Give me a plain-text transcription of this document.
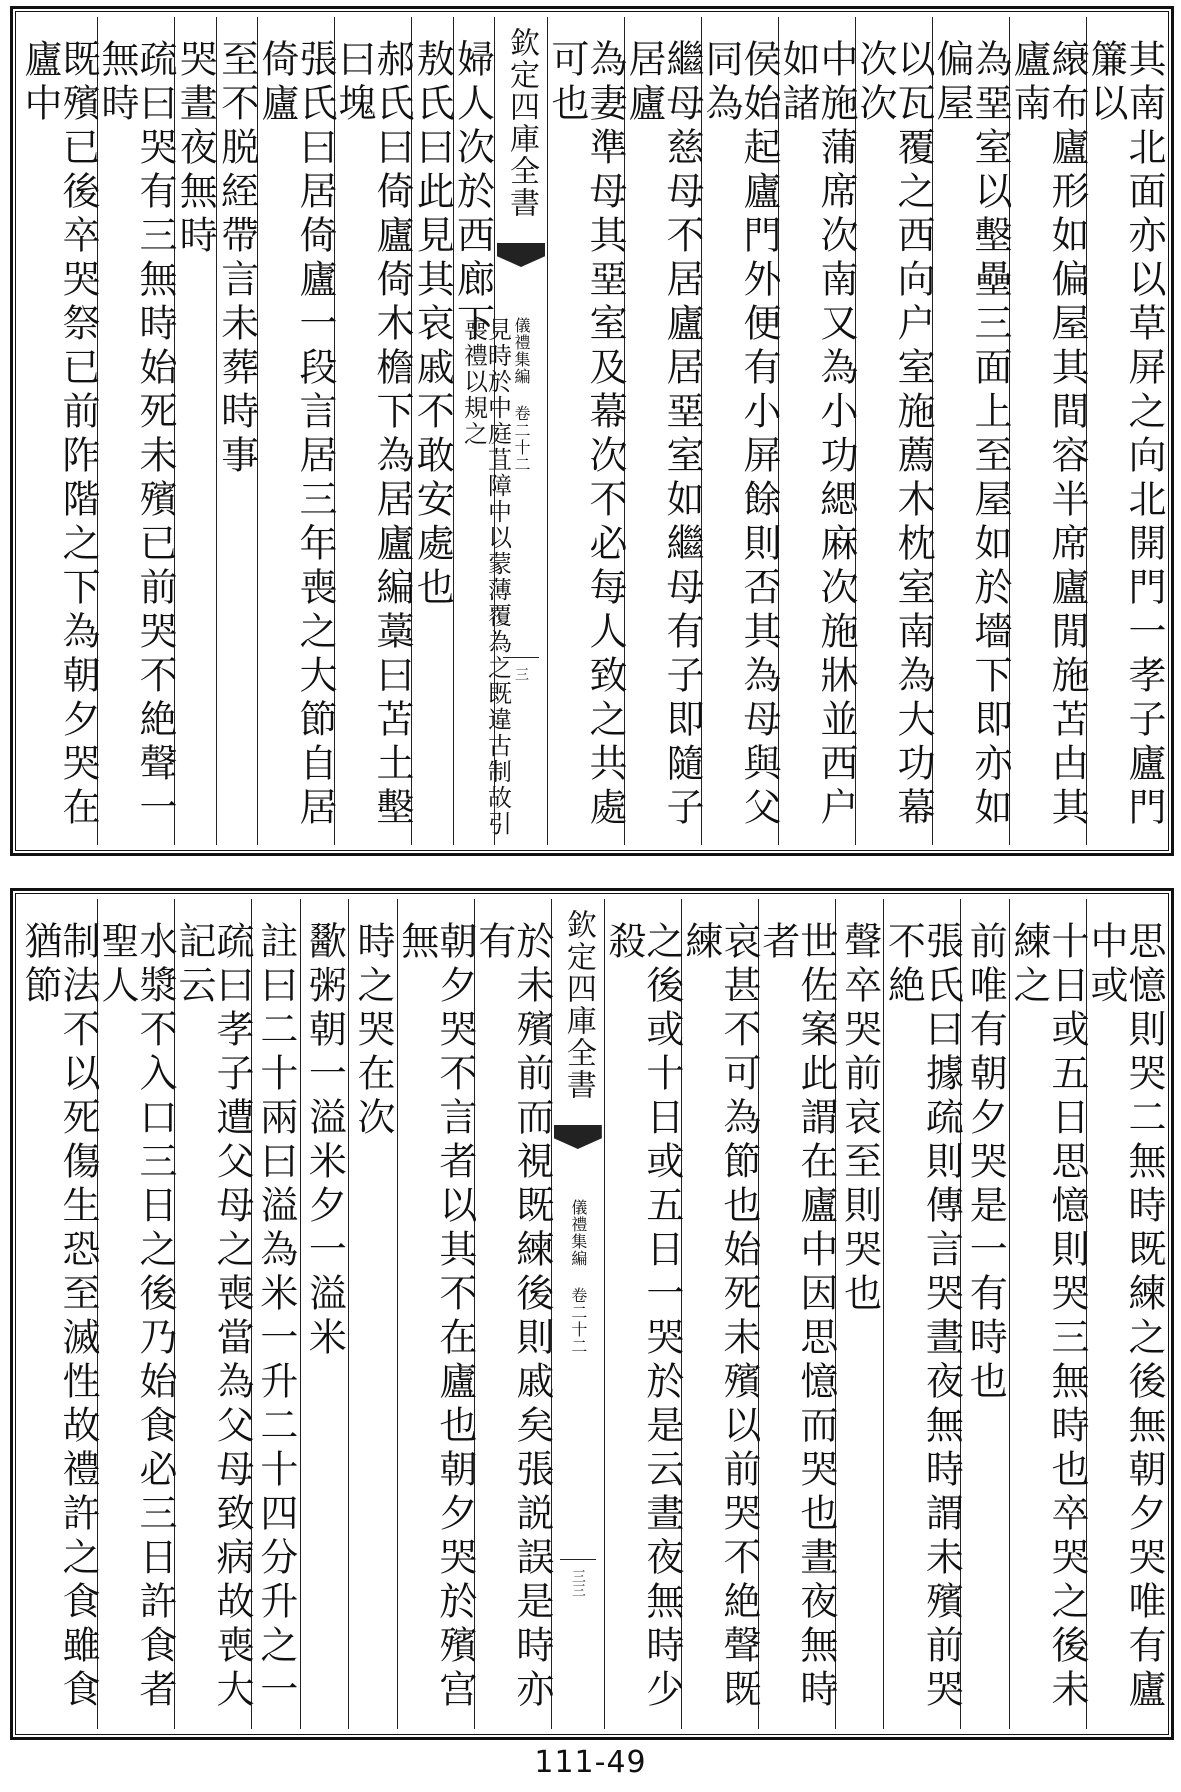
其南北面亦以草屏之向北開門一孝子廬門簾以
縗布廬形如偏屋其間容半席廬閒施苫甴其廬南
為堊室以墼壘三面上至屋如於墻下即亦如偏屋
以瓦覆之西向户室施薦木枕室南為大功幕次次
中施蒲席次南又為小功緦麻次施牀並西户如諸
侯始起廬門外便有小屏餘則否其為母與父同為
繼母慈母不居廬居堊室如繼母有子即隨子居廬
為妻準母其堊室及幕次不必每人致之共處可也
欽定四庫全書
儀禮集編 卷二十二
三
婦人次於西廊下
見時於中庭苴障中以蒙薄覆為之既違古制故引喪禮以規之
敖氏曰此見其哀戚不敢安處也
郝氏曰倚廬倚木檐下為居廬編藁曰苫土墼曰塊
張氏曰居倚廬一段言居三年喪之大節自居倚廬
至不脱絰帶言未葬時事
哭晝夜無時
疏曰哭有三無時始死未殯已前哭不絶聲一無時
既殯已後卒哭祭已前阼階之下為朝夕哭在廬中
思憶則哭二無時既練之後無朝夕哭唯有廬中或
十日或五日思憶則哭三無時也卒哭之後未練之
前唯有朝夕哭是一有時也
張氏曰據疏則傳言哭晝夜無時謂未殯前哭不絶
聲卒哭前哀至則哭也
世佐案此謂在廬中因思憶而哭也晝夜無時者
哀甚不可為節也始死未殯以前哭不絶聲既練
之後或十日或五日一哭於是云晝夜無時少殺
欽定四庫全書
儀禮集編 卷二十二
三三
於未殯前而視既練後則戚矣張説誤是時亦有
朝夕哭不言者以其不在廬也朝夕哭於殯宫無
時之哭在次
歠粥朝一溢米夕一溢米
註曰二十兩曰溢為米一升二十四分升之一
疏曰孝子遭父母之喪當為父母致病故喪大記云
水漿不入口三日之後乃始食必三日許食者聖人
制法不以死傷生恐至滅性故禮許之食雖食猶節
111-49
